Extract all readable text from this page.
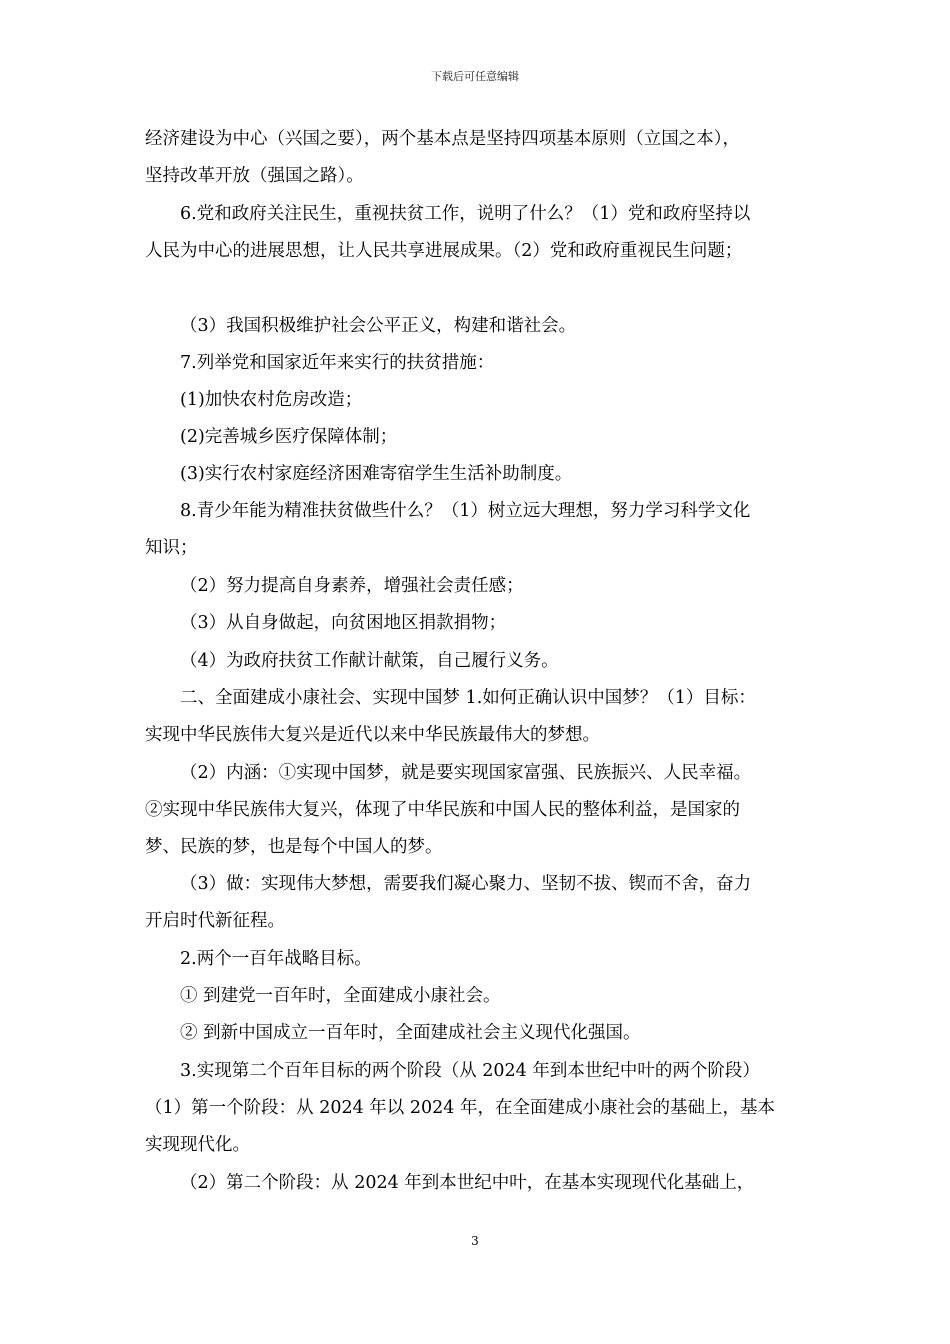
下载后可任意编辑
经济建设为中心（兴国之要），两个基本点是坚持四项基本原则（立国之本），
坚持改革开放（强国之路）。
6.党和政府关注民生，重视扶贫工作，说明了什么？（1）党和政府坚持以
人民为中心的进展思想，让人民共享进展成果。（2）党和政府重视民生问题；
（3）我国积极维护社会公平正义，构建和谐社会。
7.列举党和国家近年来实行的扶贫措施：
(1)加快农村危房改造；
(2)完善城乡医疗保障体制；
(3)实行农村家庭经济困难寄宿学生生活补助制度。
8.青少年能为精准扶贫做些什么？（1）树立远大理想，努力学习科学文化
知识；
（2）努力提高自身素养，增强社会责任感；
（3）从自身做起，向贫困地区捐款捐物；
（4）为政府扶贫工作献计献策，自己履行义务。
二、全面建成小康社会、实现中国梦 1.如何正确认识中国梦？（1）目标：
实现中华民族伟大复兴是近代以来中华民族最伟大的梦想。
（2）内涵：①实现中国梦，就是要实现国家富强、民族振兴、人民幸福。
②实现中华民族伟大复兴，体现了中华民族和中国人民的整体利益，是国家的
梦、民族的梦，也是每个中国人的梦。
（3）做：实现伟大梦想，需要我们凝心聚力、坚韧不拔、锲而不舍，奋力
开启时代新征程。
2.两个一百年战略目标。
① 到建党一百年时，全面建成小康社会。
② 到新中国成立一百年时，全面建成社会主义现代化强国。
3.实现第二个百年目标的两个阶段（从 2024 年到本世纪中叶的两个阶段）
（1）第一个阶段：从 2024 年以 2024 年，在全面建成小康社会的基础上，基本
实现现代化。
（2）第二个阶段：从 2024 年到本世纪中叶，在基本实现现代化基础上，
3
